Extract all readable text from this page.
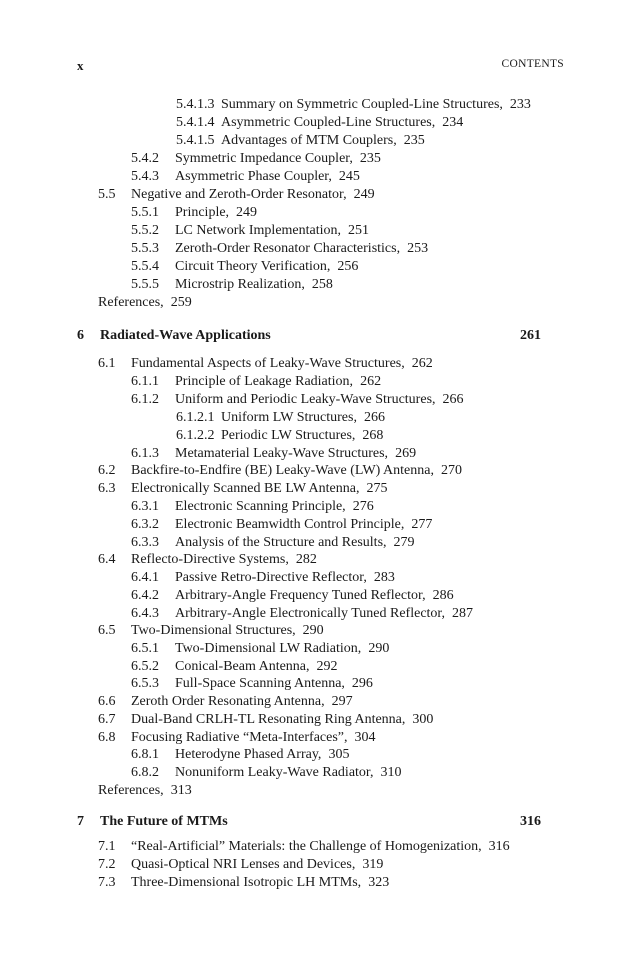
x	CONTENTS
5.4.1.3 Summary on Symmetric Coupled-Line Structures, 233
5.4.1.4 Asymmetric Coupled-Line Structures, 234
5.4.1.5 Advantages of MTM Couplers, 235
5.4.2 Symmetric Impedance Coupler, 235
5.4.3 Asymmetric Phase Coupler, 245
5.5 Negative and Zeroth-Order Resonator, 249
5.5.1 Principle, 249
5.5.2 LC Network Implementation, 251
5.5.3 Zeroth-Order Resonator Characteristics, 253
5.5.4 Circuit Theory Verification, 256
5.5.5 Microstrip Realization, 258
References, 259
6 Radiated-Wave Applications	261
6.1 Fundamental Aspects of Leaky-Wave Structures, 262
6.1.1 Principle of Leakage Radiation, 262
6.1.2 Uniform and Periodic Leaky-Wave Structures, 266
6.1.2.1 Uniform LW Structures, 266
6.1.2.2 Periodic LW Structures, 268
6.1.3 Metamaterial Leaky-Wave Structures, 269
6.2 Backfire-to-Endfire (BE) Leaky-Wave (LW) Antenna, 270
6.3 Electronically Scanned BE LW Antenna, 275
6.3.1 Electronic Scanning Principle, 276
6.3.2 Electronic Beamwidth Control Principle, 277
6.3.3 Analysis of the Structure and Results, 279
6.4 Reflecto-Directive Systems, 282
6.4.1 Passive Retro-Directive Reflector, 283
6.4.2 Arbitrary-Angle Frequency Tuned Reflector, 286
6.4.3 Arbitrary-Angle Electronically Tuned Reflector, 287
6.5 Two-Dimensional Structures, 290
6.5.1 Two-Dimensional LW Radiation, 290
6.5.2 Conical-Beam Antenna, 292
6.5.3 Full-Space Scanning Antenna, 296
6.6 Zeroth Order Resonating Antenna, 297
6.7 Dual-Band CRLH-TL Resonating Ring Antenna, 300
6.8 Focusing Radiative “Meta-Interfaces”, 304
6.8.1 Heterodyne Phased Array, 305
6.8.2 Nonuniform Leaky-Wave Radiator, 310
References, 313
7 The Future of MTMs	316
7.1 “Real-Artificial” Materials: the Challenge of Homogenization, 316
7.2 Quasi-Optical NRI Lenses and Devices, 319
7.3 Three-Dimensional Isotropic LH MTMs, 323
